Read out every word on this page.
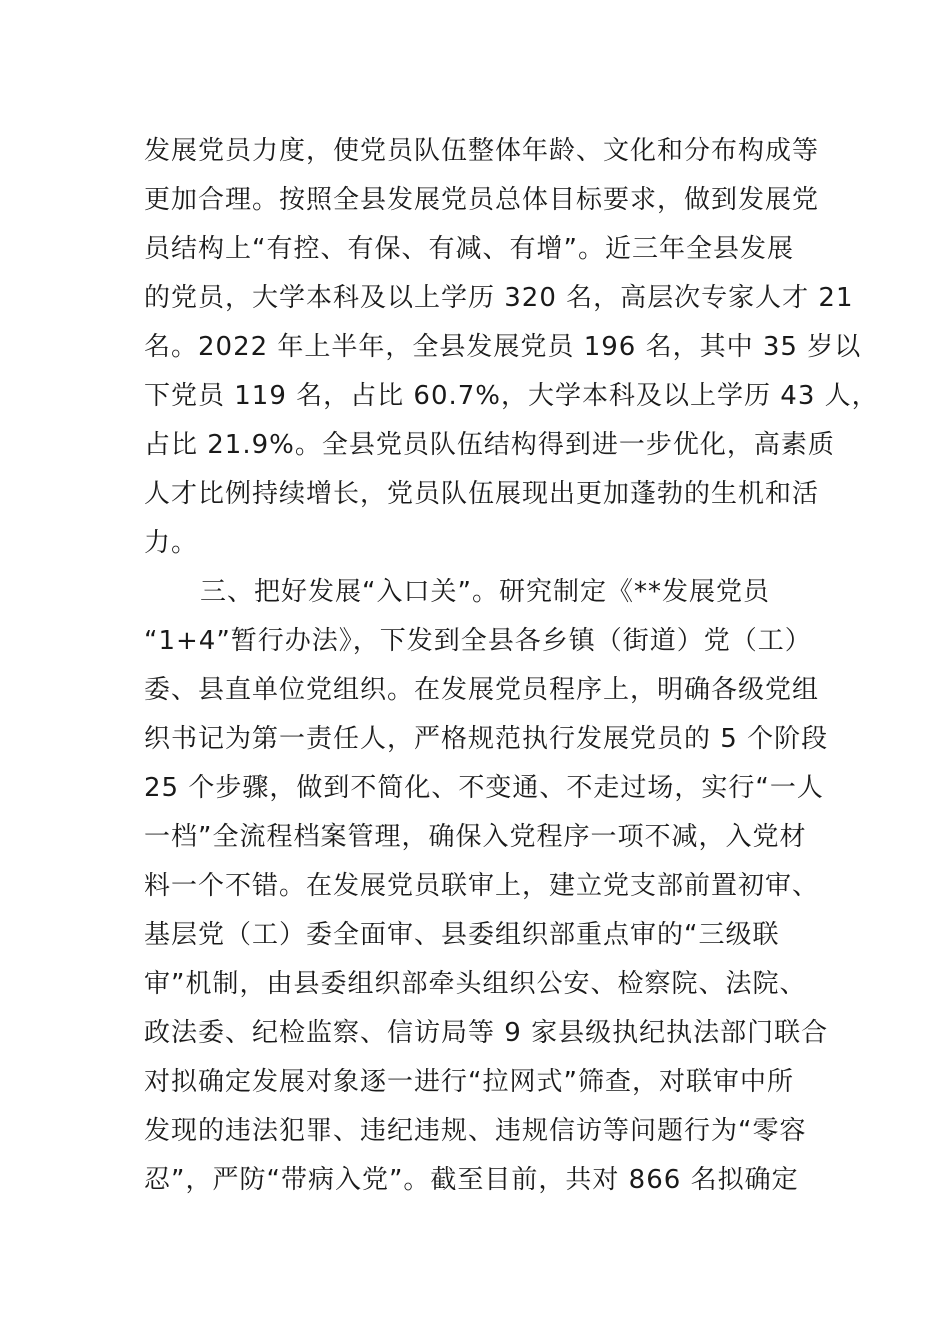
发展党员力度，使党员队伍整体年龄、文化和分布构成等
更加合理。按照全县发展党员总体目标要求，做到发展党
员结构上“有控、有保、有减、有增”。近三年全县发展
的党员，大学本科及以上学历 320 名，高层次专家人才 21
名。2022 年上半年，全县发展党员 196 名，其中 35 岁以
下党员 119 名，占比 60.7%，大学本科及以上学历 43 人，
占比 21.9%。全县党员队伍结构得到进一步优化，高素质
人才比例持续增长，党员队伍展现出更加蓬勃的生机和活
力。
三、把好发展“入口关”。研究制定《**发展党员
“1+4”暂行办法》，下发到全县各乡镇（街道）党（工）
委、县直单位党组织。在发展党员程序上，明确各级党组
织书记为第一责任人，严格规范执行发展党员的 5 个阶段
25 个步骤，做到不简化、不变通、不走过场，实行“一人
一档”全流程档案管理，确保入党程序一项不减，入党材
料一个不错。在发展党员联审上，建立党支部前置初审、
基层党（工）委全面审、县委组织部重点审的“三级联
审”机制，由县委组织部牵头组织公安、检察院、法院、
政法委、纪检监察、信访局等 9 家县级执纪执法部门联合
对拟确定发展对象逐一进行“拉网式”筛查，对联审中所
发现的违法犯罪、违纪违规、违规信访等问题行为“零容
忍”，严防“带病入党”。截至目前，共对 866 名拟确定
